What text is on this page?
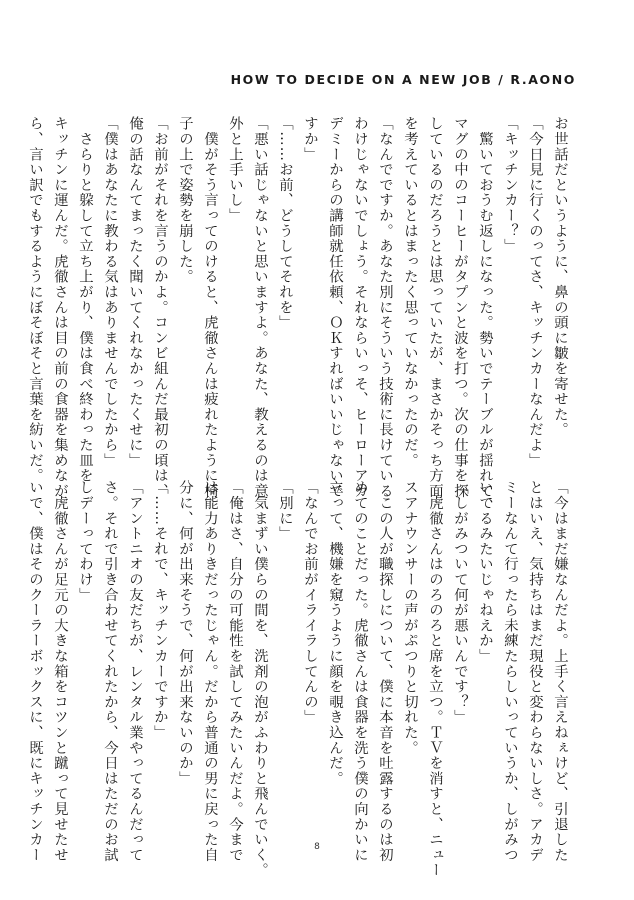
HOW TO DECIDE ON A NEW JOB / R.AONO

お世話だというように、鼻の頭に皺を寄せた。

「今日見に行くのってさ、キッチンカーなんだよ」

「キッチンカー？」

　驚いておうむ返しになった。勢いでテーブルが揺れて、

マグの中のコーヒーがタプンと波を打つ。次の仕事を探

しているのだろうとは思っていたが、まさかそっち方面

を考えているとはまったく思っていなかったのだ。

「なんでですか。あなた別にそういう技術に長けている

わけじゃないでしょう。それならいっそ、ヒーローアカ

デミーからの講師就任依頼、ＯＫすればいいじゃないで

すか」

「……お前、どうしてそれを」

「悪い話じゃないと思いますよ。あなた、教えるのは意

外と上手いし」

　僕がそう言ってのけると、虎徹さんは疲れたように椅

子の上で姿勢を崩した。

「お前がそれを言うのかよ。コンビ組んだ最初の頃は、

俺の話なんてまったく聞いてくれなかったくせに」

「僕はあなたに教わる気はありませんでしたから」

　さらりと躱して立ち上がり、僕は食べ終わった皿を

キッチンに運んだ。虎徹さんは目の前の食器を集めなが

ら、言い訳でもするようにぼそぼそと言葉を紡いだ。

「今はまだ嫌なんだよ。上手く言えねぇけど、引退した

とはいえ、気持ちはまだ現役と変わらないしさ。アカデ

ミーなんて行ったら未練たらしいっていうか、しがみつ

いてるみたいじゃねえか」

「しがみついて何が悪いんです？」

　虎徹さんはのろのろと席を立つ。ＴＶを消すと、ニュー

スアナウンサーの声がぷつりと切れた。

　この人が職探しについて、僕に本音を吐露するのは初

めてのことだった。虎徹さんは食器を洗う僕の向かいに

立って、機嫌を窺うように顔を覗き込んだ。

「なんでお前がイライラしてんの」

「別に」

　気まずい僕らの間を、洗剤の泡がふわりと飛んでいく。

「俺はさ、自分の可能性を試してみたいんだよ。今まで

は能力ありきだったじゃん。だから普通の男に戻った自

分に、何が出来そうで、何が出来ないのか」

「……それで、キッチンカーですか」

「アントニオの友だちが、レンタル業やってるんだって

さ。それで引き合わせてくれたから、今日はただのお試

しデーってわけ」

　虎徹さんが足元の大きな箱をコツンと蹴って見せたせ

いで、僕はそのクーラーボックスに、既にキッチンカー	8
